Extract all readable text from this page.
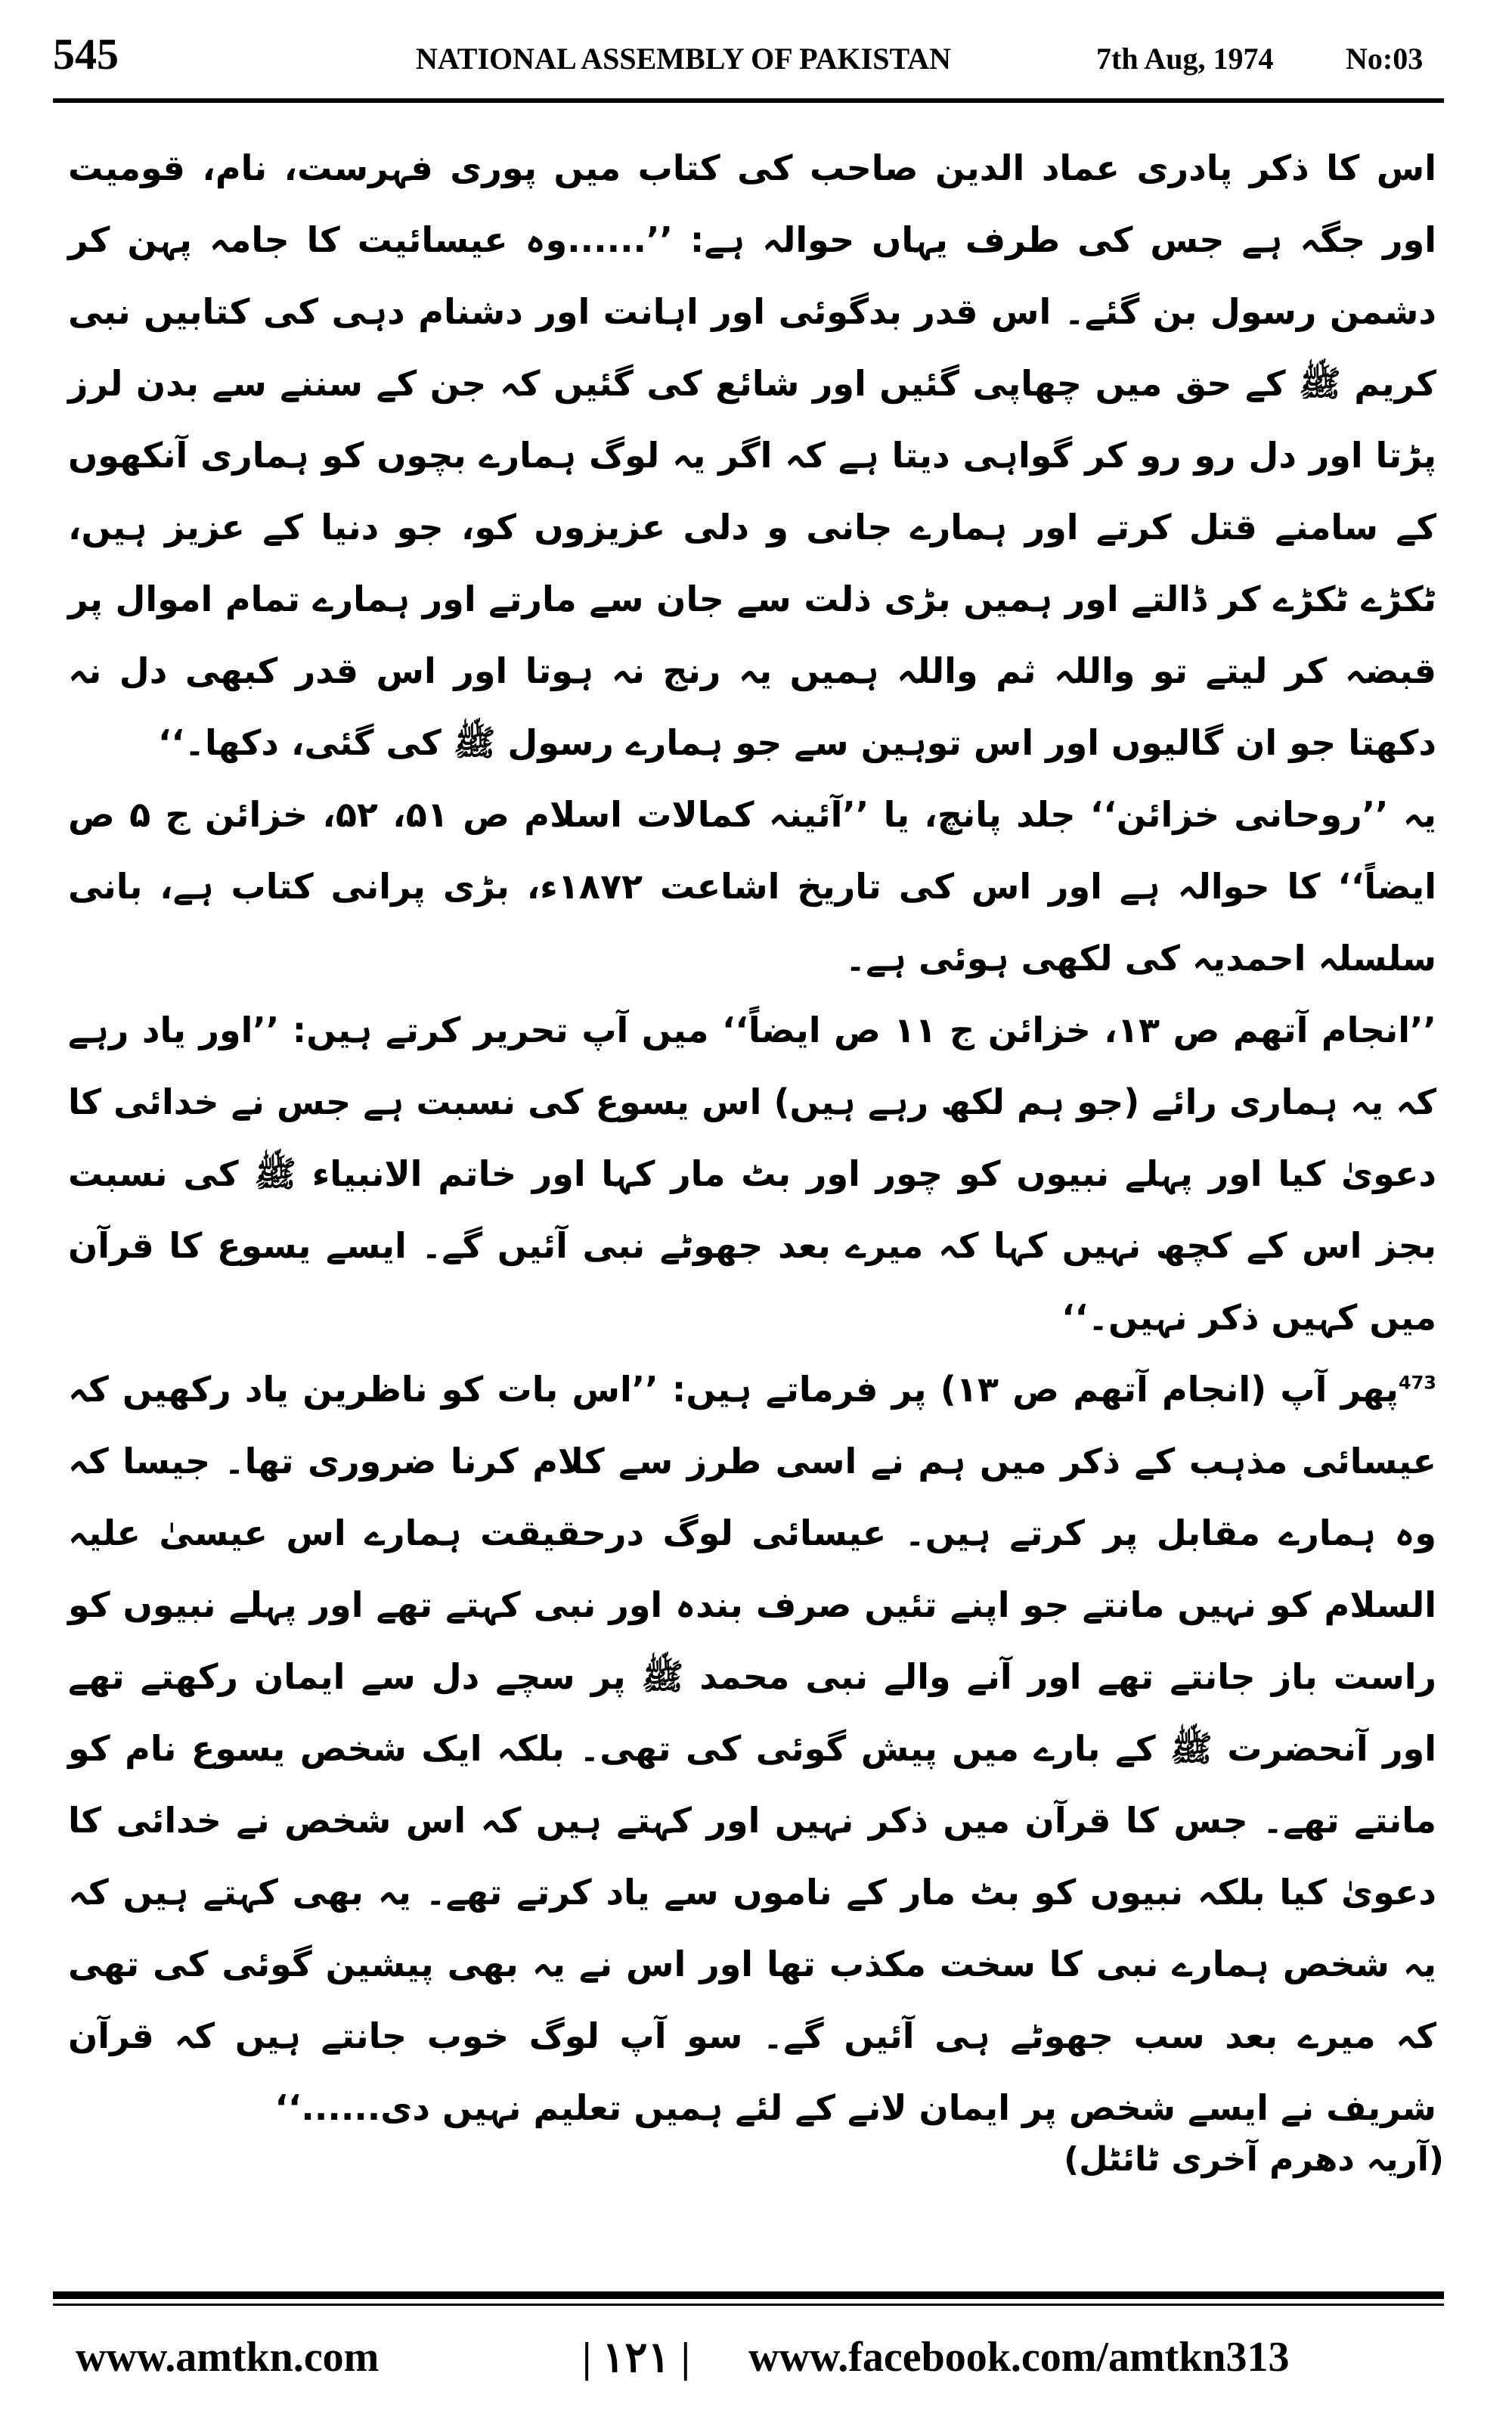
545	NATIONAL ASSEMBLY OF PAKISTAN	7th Aug, 1974 No:03

اس کا ذکر پادری عماد الدین صاحب کی کتاب میں پوری فہرست، نام، قومیت اور جگہ ہے جس کی طرف یہاں حوالہ ہے: ’’......وہ عیسائیت کا جامہ پہن کر دشمن رسول بن گئے۔ اس قدر بدگوئی اور اہانت اور دشنام دہی کی کتابیں نبی کریم ﷺ کے حق میں چھاپی گئیں اور شائع کی گئیں کہ جن کے سننے سے بدن لرز پڑتا اور دل رو رو کر گواہی دیتا ہے کہ اگر یہ لوگ ہمارے بچوں کو ہماری آنکھوں کے سامنے قتل کرتے اور ہمارے جانی و دلی عزیزوں کو، جو دنیا کے عزیز ہیں، ٹکڑے ٹکڑے کر ڈالتے اور ہمیں بڑی ذلت سے جان سے مارتے اور ہمارے تمام اموال پر قبضہ کر لیتے تو واللہ ثم واللہ ہمیں یہ رنج نہ ہوتا اور اس قدر کبھی دل نہ دکھتا جو ان گالیوں اور اس توہین سے جو ہمارے رسول ﷺ کی گئی، دکھا۔‘‘

یہ ’’روحانی خزائن‘‘ جلد پانچ، یا ’’آئینہ کمالات اسلام ص ۵۱، ۵۲، خزائن ج ۵ ص ایضاً‘‘ کا حوالہ ہے اور اس کی تاریخ اشاعت ۱۸۷۲ء، بڑی پرانی کتاب ہے، بانی سلسلہ احمدیہ کی لکھی ہوئی ہے۔

’’انجام آتھم ص ۱۳، خزائن ج ۱۱ ص ایضاً‘‘ میں آپ تحریر کرتے ہیں: ’’اور یاد رہے کہ یہ ہماری رائے (جو ہم لکھ رہے ہیں) اس یسوع کی نسبت ہے جس نے خدائی کا دعویٰ کیا اور پہلے نبیوں کو چور اور بٹ مار کہا اور خاتم الانبیاء ﷺ کی نسبت بجز اس کے کچھ نہیں کہا کہ میرے بعد جھوٹے نبی آئیں گے۔ ایسے یسوع کا قرآن میں کہیں ذکر نہیں۔‘‘

$^{473}$پھر آپ (انجام آتھم ص ۱۳) پر فرماتے ہیں: ’’اس بات کو ناظرین یاد رکھیں کہ عیسائی مذہب کے ذکر میں ہم نے اسی طرز سے کلام کرنا ضروری تھا۔ جیسا کہ وہ ہمارے مقابل پر کرتے ہیں۔ عیسائی لوگ درحقیقت ہمارے اس عیسیٰ علیہ السلام کو نہیں مانتے جو اپنے تئیں صرف بندہ اور نبی کہتے تھے اور پہلے نبیوں کو راست باز جانتے تھے اور آنے والے نبی محمد ﷺ پر سچے دل سے ایمان رکھتے تھے اور آنحضرت ﷺ کے بارے میں پیش گوئی کی تھی۔ بلکہ ایک شخص یسوع نام کو مانتے تھے۔ جس کا قرآن میں ذکر نہیں اور کہتے ہیں کہ اس شخص نے خدائی کا دعویٰ کیا بلکہ نبیوں کو بٹ مار کے ناموں سے یاد کرتے تھے۔ یہ بھی کہتے ہیں کہ یہ شخص ہمارے نبی کا سخت مکذب تھا اور اس نے یہ بھی پیشین گوئی کی تھی کہ میرے بعد سب جھوٹے ہی آئیں گے۔ سو آپ لوگ خوب جانتے ہیں کہ قرآن شریف نے ایسے شخص پر ایمان لانے کے لئے ہمیں تعلیم نہیں دی......‘‘

(آریہ دھرم آخری ٹائٹل)
www.amtkn.com	| ۱۲۱ | www.facebook.com/amtkn313
